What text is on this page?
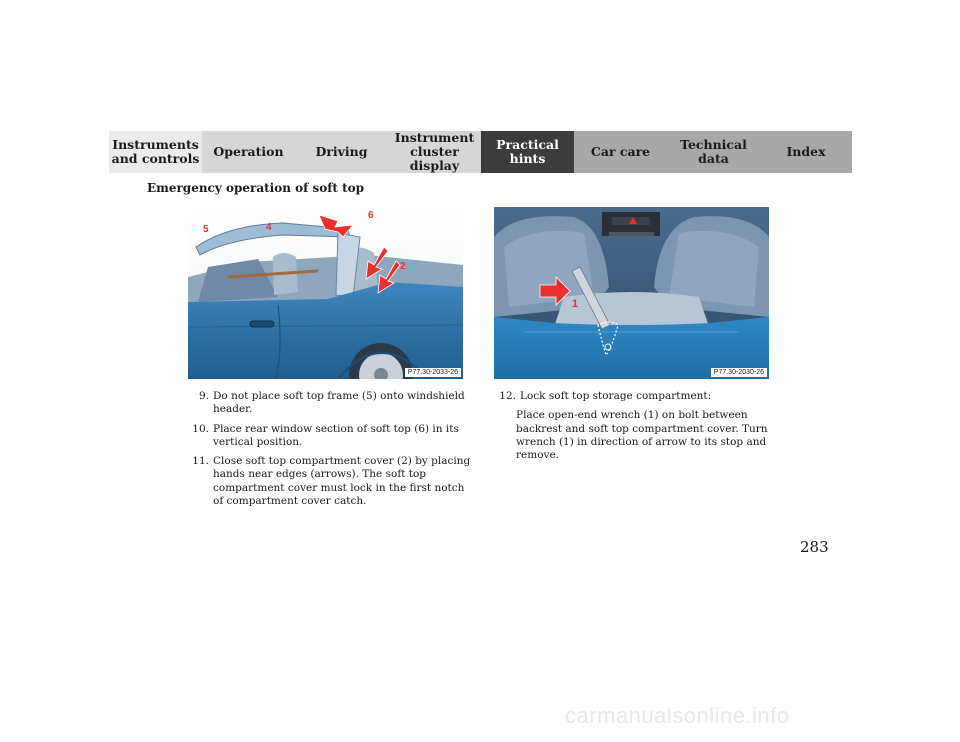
Instruments
and controls Operation	Driving
Instrument
cluster display
Practical hints	Car care Technical
data	Index
Emergency operation of soft top
5	4
6
2
P77.30-2033-26
1
P77.30-2030-26
9. Do not place soft top frame (5) onto windshield header.
10. Place rear window section of soft top (6) in its vertical position.
11. Close soft top compartment cover (2) by placing hands near edges (arrows). The soft top compartment cover must lock in the first notch of compartment cover catch.
12. Lock soft top storage compartment:
Place open-end wrench (1) on bolt between backrest and soft top compartment cover. Turn wrench (1) in direction of arrow to its stop and remove.
283
carmanualsonline.info
